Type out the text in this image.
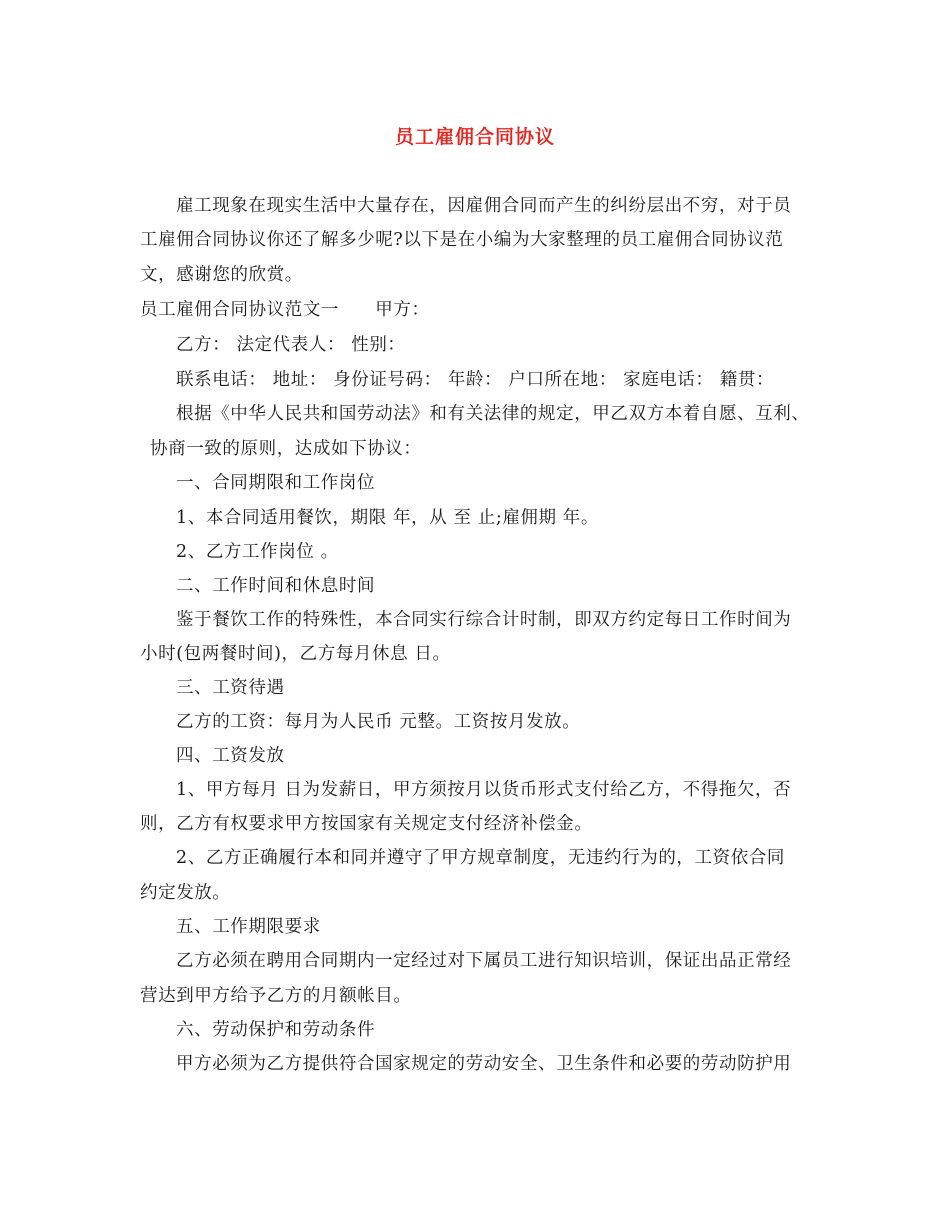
员工雇佣合同协议
雇工现象在现实生活中大量存在，因雇佣合同而产生的纠纷层出不穷，对于员
工雇佣合同协议你还了解多少呢?以下是在小编为大家整理的员工雇佣合同协议范
文，感谢您的欣赏。
员工雇佣合同协议范文一　　甲方：
乙方： 法定代表人： 性别：
联系电话： 地址： 身份证号码： 年龄： 户口所在地： 家庭电话： 籍贯：
根据《中华人民共和国劳动法》和有关法律的规定，甲乙双方本着自愿、互利、
协商一致的原则，达成如下协议：
一、合同期限和工作岗位
1、本合同适用餐饮，期限 年，从 至 止;雇佣期 年。
2、乙方工作岗位 。
二、工作时间和休息时间
鉴于餐饮工作的特殊性，本合同实行综合计时制，即双方约定每日工作时间为
小时(包两餐时间)，乙方每月休息 日。
三、工资待遇
乙方的工资：每月为人民币 元整。工资按月发放。
四、工资发放
1、甲方每月 日为发薪日，甲方须按月以货币形式支付给乙方，不得拖欠，否
则，乙方有权要求甲方按国家有关规定支付经济补偿金。
2、乙方正确履行本和同并遵守了甲方规章制度，无违约行为的，工资依合同
约定发放。
五、工作期限要求
乙方必须在聘用合同期内一定经过对下属员工进行知识培训，保证出品正常经
营达到甲方给予乙方的月额帐目。
六、劳动保护和劳动条件
甲方必须为乙方提供符合国家规定的劳动安全、卫生条件和必要的劳动防护用
